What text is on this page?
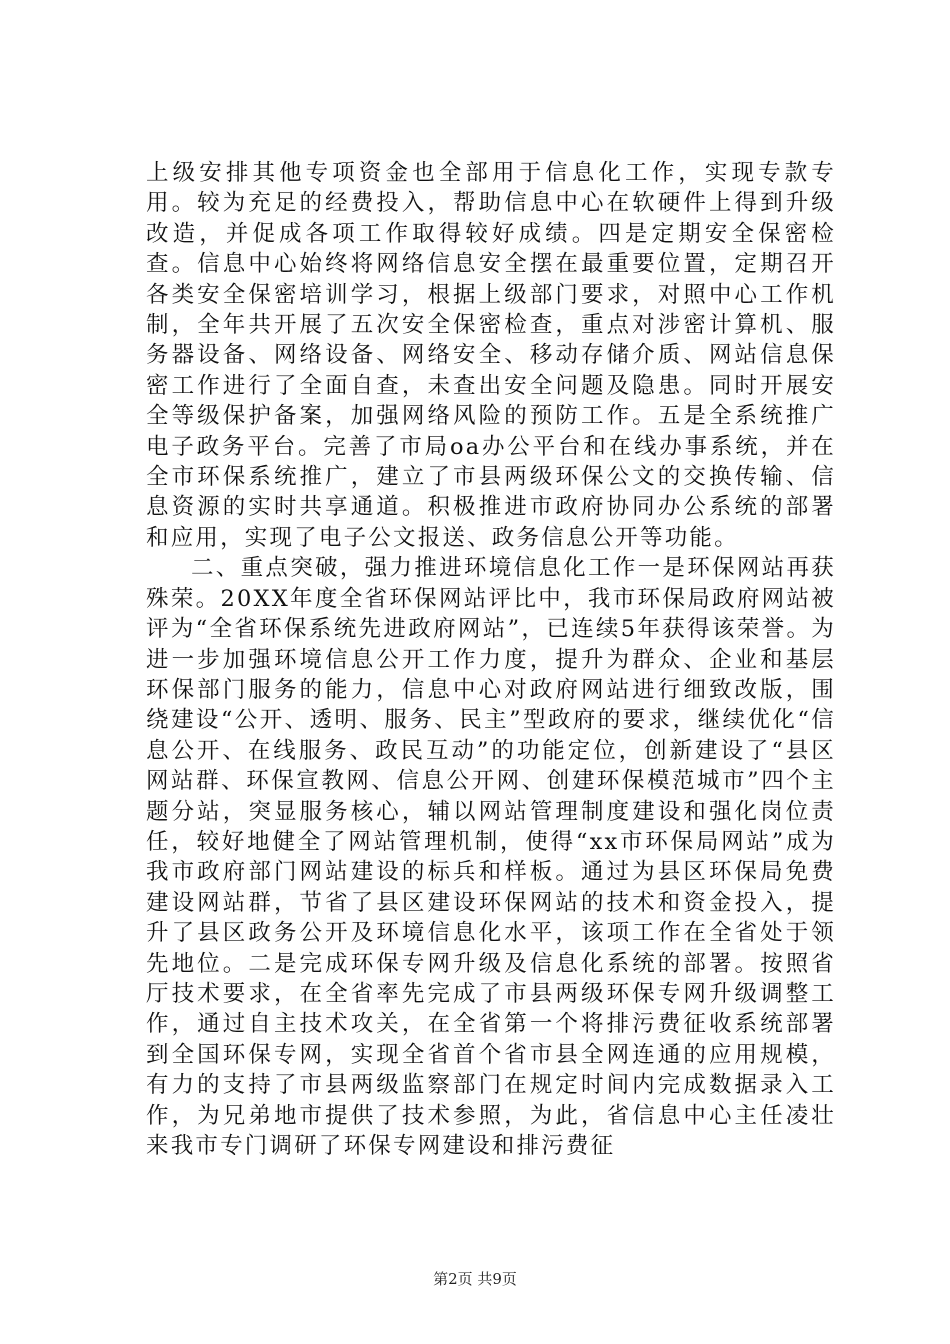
上级安排其他专项资金也全部用于信息化工作，实现专款专用。较为充足的经费投入，帮助信息中心在软硬件上得到升级改造，并促成各项工作取得较好成绩。四是定期安全保密检查。信息中心始终将网络信息安全摆在最重要位置，定期召开各类安全保密培训学习，根据上级部门要求，对照中心工作机制，全年共开展了五次安全保密检查，重点对涉密计算机、服务器设备、网络设备、网络安全、移动存储介质、网站信息保密工作进行了全面自查，未查出安全问题及隐患。同时开展安全等级保护备案，加强网络风险的预防工作。五是全系统推广电子政务平台。完善了市局oa办公平台和在线办事系统，并在全市环保系统推广，建立了市县两级环保公文的交换传输、信息资源的实时共享通道。积极推进市政府协同办公系统的部署和应用，实现了电子公文报送、政务信息公开等功能。

二、重点突破，强力推进环境信息化工作一是环保网站再获殊荣。20XX年度全省环保网站评比中，我市环保局政府网站被评为“全省环保系统先进政府网站”，已连续5年获得该荣誉。为进一步加强环境信息公开工作力度，提升为群众、企业和基层环保部门服务的能力，信息中心对政府网站进行细致改版，围绕建设“公开、透明、服务、民主”型政府的要求，继续优化“信息公开、在线服务、政民互动”的功能定位，创新建设了“县区网站群、环保宣教网、信息公开网、创建环保模范城市”四个主题分站，突显服务核心，辅以网站管理制度建设和强化岗位责任，较好地健全了网站管理机制，使得“xx市环保局网站”成为我市政府部门网站建设的标兵和样板。通过为县区环保局免费建设网站群，节省了县区建设环保网站的技术和资金投入，提升了县区政务公开及环境信息化水平，该项工作在全省处于领先地位。二是完成环保专网升级及信息化系统的部署。按照省厅技术要求，在全省率先完成了市县两级环保专网升级调整工作，通过自主技术攻关，在全省第一个将排污费征收系统部署到全国环保专网，实现全省首个省市县全网连通的应用规模，有力的支持了市县两级监察部门在规定时间内完成数据录入工作，为兄弟地市提供了技术参照，为此，省信息中心主任凌壮来我市专门调研了环保专网建设和排污费征

第2页 共9页
